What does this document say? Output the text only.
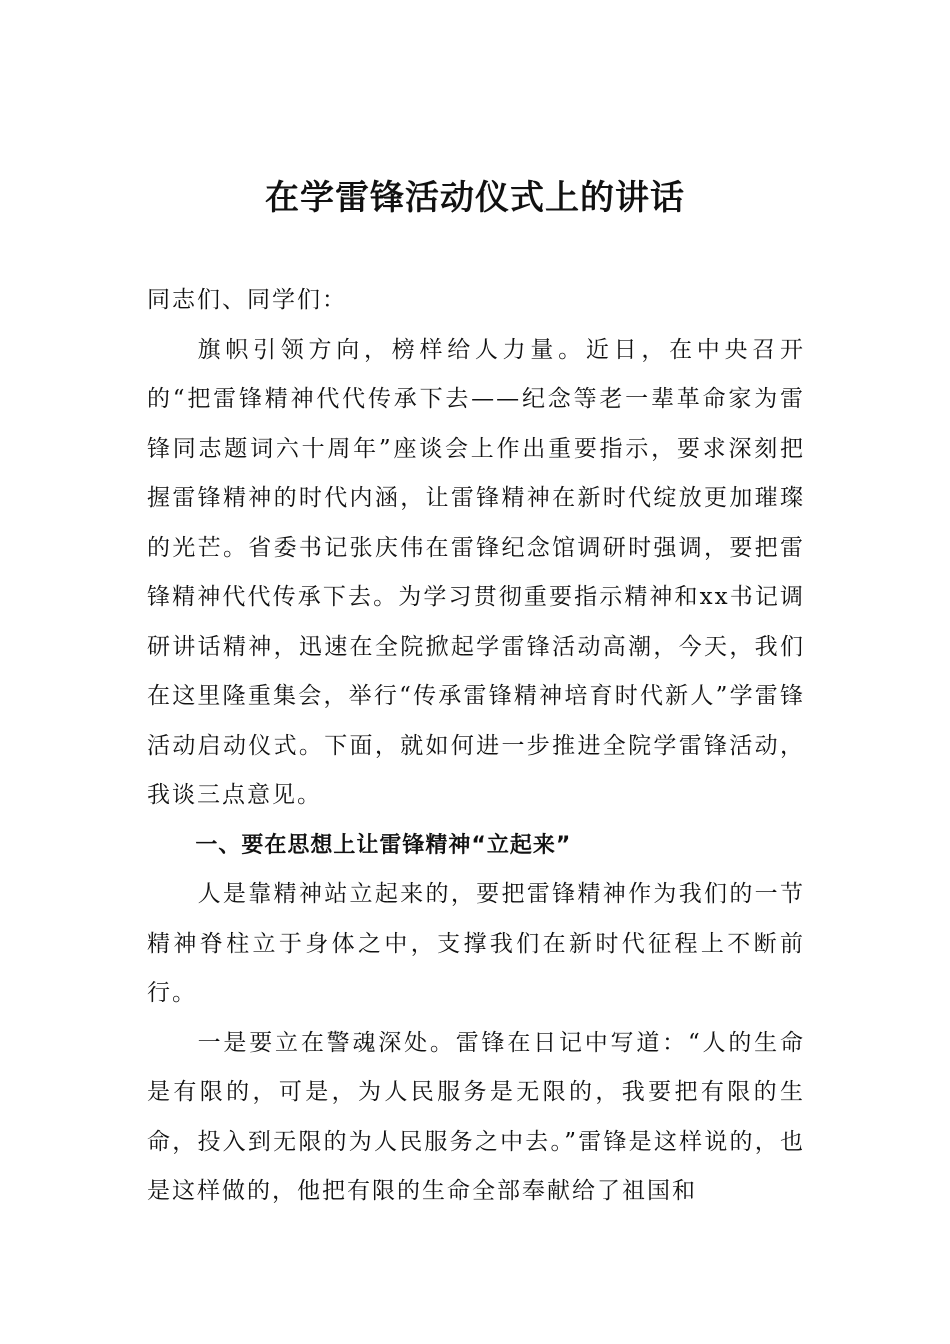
在学雷锋活动仪式上的讲话

同志们、同学们：

旗帜引领方向，榜样给人力量。近日，在中央召开的“把雷锋精神代代传承下去——纪念等老一辈革命家为雷锋同志题词六十周年”座谈会上作出重要指示，要求深刻把握雷锋精神的时代内涵，让雷锋精神在新时代绽放更加璀璨的光芒。省委书记张庆伟在雷锋纪念馆调研时强调，要把雷锋精神代代传承下去。为学习贯彻重要指示精神和xx书记调研讲话精神，迅速在全院掀起学雷锋活动高潮，今天，我们在这里隆重集会，举行“传承雷锋精神培育时代新人”学雷锋活动启动仪式。下面，就如何进一步推进全院学雷锋活动，我谈三点意见。

一、要在思想上让雷锋精神“立起来”

人是靠精神站立起来的，要把雷锋精神作为我们的一节精神脊柱立于身体之中，支撑我们在新时代征程上不断前行。

一是要立在警魂深处。雷锋在日记中写道：“人的生命是有限的，可是，为人民服务是无限的，我要把有限的生命，投入到无限的为人民服务之中去。”雷锋是这样说的，也是这样做的，他把有限的生命全部奉献给了祖国和
